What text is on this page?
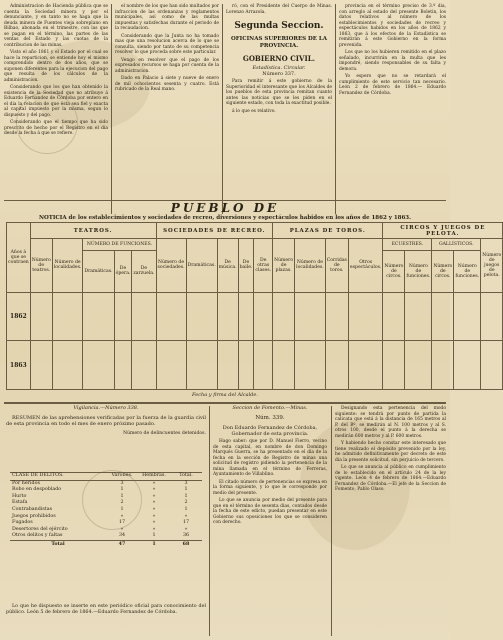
Administracion de Hacienda pública que se cuenta la Sociedad minera y por el denunciante, y en tanto no se haga que la deuda minera de Fuentes vieja sobreplano en Bilbao, abonada en el trimestre, con las que se pagan en el término, las partes de las ventas del Estado y las cuotas de la contribucion de las minas.

Visto el año 1861 y el Estado por el cual se hace la reparticion, se entiende hoy el mismo comprendido dentro de dos años, que se suponen diferentes para la ejecucion del pago que resulta de los cálculos de la administracion.

Considerando que los que han obtenido la existencia de la Sociedad que no atribuye á Eduardo Fernandez de Córdoba por entero en el dia la relacion de que ésta sea fiel y exacta al capital impuesto por la misma, segun lo dispuesto y del pago.

Considerando que el tiempo que ha sido prescrito de hecho por el Registro en el dia desde la fecha á que se refiere.

el nombre de los que han sido multados por infraccion de las ordenanzas y reglamentos municipales, así como de las multas impuestas y satisfechas durante el periodo de la recaudacion.

Considerando que la Junta no ha tomado mas que una resolucion acerca de lo que se consulta, siendo por tanto de su competencia resolver lo que proceda sobre este particular.

Vengo en resolver que el pago de los expresados recursos se haga por cuenta de la administracion.

Dado en Palacio á siete y nueve de enero de mil ochocientos sesenta y cuatro. Está rubricado de la Real mano.

ró, con el Presidente del Cuerpo de Minas. Lorenzo Arrazola.

Segunda Seccion.
OFICINAS SUPERIORES DE LA PROVINCIA.
GOBIERNO CIVIL.
Estadística. Circular.
Número 337.

Para remitir á este gobierno de la Superioridad el interesante que los Alcaldes de los pueblos de esta provincia remitan cuanto antes las noticias que se les piden en el siguiente estado, con toda la exactitud posible.

á lo que es relativo.

provincia en el término preciso de 3.º dia, con arreglo al estado del presente Boletin, los datos relativos al número de los establecimientos y sociedades de recreo y espectáculos habidos en los años de 1862 y 1863, que á los efectos de la Estadística se remitirán á este Gobierno en la forma prevenida.

Los que no los hubieren remitido en el plazo señalado, incurrirán en la multa que les impondré, siendo responsables de su falta y demora.

Yo espero que no se retardará el cumplimiento de este servicio tan necesario. León 2 de febrero de 1864.— Eduardo Fernandez de Córdoba.

PUEBLO DE
NOTICIA de los establecimientos y sociedades de recreo, diversiones y espectáculos habidos en los años de 1862 y 1863.
Años á que se contraen	TEATROS.					SOCIEDADES DE RECREO.					PLAZAS DE TOROS.				CIRCOS Y JUEGOS DE PELOTA.				
	Número de teatros.	Número de localidades.	NÚMERO DE FUNCIONES.			Número de sociedades.	Dramáticas.	De música.	De baile.	De otras clases.	Número de plazas.	Número de localidades.	Corridas de toros.	Otros espectáculos.	ECUESTRES.		GALLÍSTICOS.		Número de juegos de pelota.
			Dramáticas.	De ópera.	De zarzuela.										Número de circos.	Número de funciones.	Número de circos.	Número de funciones.	
1862																			
1863																			
Fecha y firma del Alcalde.
Vigilancia.—Número 338.

RESUMEN de las aprehensiones verificadas por la fuerza de la guardia civil de esta provincia en todo el mes de enero próximo pasado.

Número de delincuentes detenidos.
CLASE DE DELITOS.	Varones.	Hembras.	Total.
Por heridos	3	»	3
Robo en despoblado	1	»	1
Hurto	1	»	1
Estafa	2	»	2
Contrabandistas	1	»	1
Juegos prohibidos	»	»	»
Fugados	17	»	17
Desertores del ejército	»	»	»
Otros delitos y faltas	34	1	36
Total	47	1	68

Lo que he dispuesto se inserte en este periódico oficial para conocimiento del público. León 5 de febrero de 1864.—Eduardo Fernandez de Córdoba.

Seccion de Fomento.—Minas.
Núm. 339.

Don Eduardo Fernandez de Córdoba, Gobernador de esta provincia.

Hago saber: que por D. Manuel Fierro, vecino de esta capital, en nombre de don Domingo Marqués Guerra, se ha presentado en el dia de la fecha en la sección de Registro de minas una solicitud de registro pidiendo la pertenencia de la mina llamada en el término de Ferreras, Ayuntamiento de Villablino.

El citado número de pertenencias se expresa en la forma siguiente, y lo que le corresponde por medio del presente.

Lo que se anuncia por medio del presente para que en el término de sesenta dias, contados desde la fecha de este edicto, puedan presentar en este Gobierno sus oposiciones los que se consideren con derecho.

Designando esta pertenencia del modo siguiente: se tendrá por punto de partida la calicata que está á la distancia de 165 metros al P. del Bº, se medirán al N. 100 metros y al S. otros 100, desde el punto á la derecha se medirán 600 metros y al P. 600 metros.

Y habiendo hecho constar este interesado que tiene realizado el depósito prevenido por la ley, he admitido definitivamente por decreto de este dia la presente solicitud, sin perjuicio de tercero.

Lo que se anuncia al público en cumplimiento de lo establecido en el artículo 24 de la ley vigente. León 4 de febrero de 1864.—Eduardo Fernandez de Córdoba.—El jefe de la Seccion de Fomento, Pablo Olaso.
